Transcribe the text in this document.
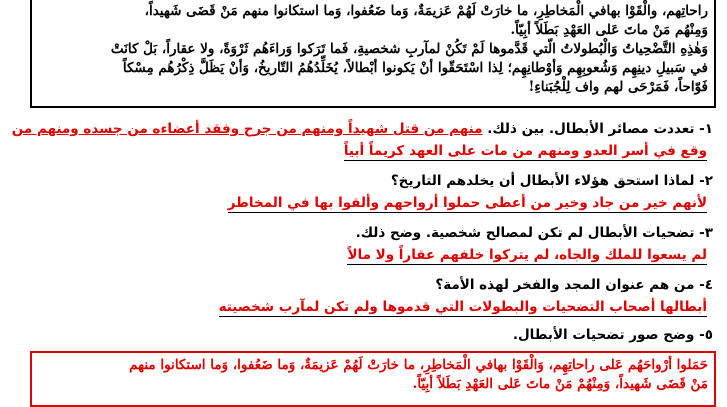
راحاتِهم، والْقَوْا بهافي الْمَخاطِرِ، ما خارَتْ لَهُمْ عَزيمَةٌ، وَما ضَعُفوا، وَما استكانوا منهم مَنْ قَضَى شَهيداً،

وَمِنْهُم مَنْ ماتَ عَلى العَهْدِ بَطَلاً أبِيّاً.

وَهٰذِهِ التَّضْحِياتُ وَالْبُطولاتُ الّتي قَدَّموها لَمْ تَكُنْ لمآربِ شخصيةِ، فَما تَرَكوا وَراءَهُم ثَرْوَةً، ولا عقاراً، بَلْ كانَتْ

في سَبيلِ دينِهِم وَشُعوبِهِم وَأوْطانِهِم؛ لِذا اسْتَحَقّوا أنْ يَكونوا أبْطالاً، يُخَلِّدُهُمُ التّاريخُ، وَأنْ يَظَلَّ ذِكْرُهُم مِسْكاً

فَوّاحاً، فَمَرْحَى لهم واف لِلْجُبَناءِ!

١- تعددت مصائر الأبطال. بين ذلك. منهم من قتل شهيداً ومنهم من جرح وفقد أعضاءه من جسده ومنهم من
وقع في أسر العدو ومنهم من مات على العهد كريماً أبياً
٢- لماذا استحق هؤلاء الأبطال أن يخلدهم التاريخ؟
لأنهم خير من جاد وخير من أعطى حملوا أرواحهم وألقوا بها في المخاطر
٣- تضحيات الأبطال لم تكن لمصالح شخصية. وضح ذلك.
لم يسعوا للملك والجاه، لم يتركوا خلفهم عقاراً ولا مالاً
٤- من هم عنوان المجد والفخر لهذه الأمة؟
أبطالها أصحاب التضحيات والبطولات التي قدموها ولم تكن لمآرب شخصيته
٥- وضح صور تضحيات الأبطال.
حَمَلوا أرْواحَهُم عَلى راحاتِهِم، وَالْقَوْا بهافي الْمَخاطِرِ، ما خارَتْ لَهُمْ عَزيمَةٌ، وَما ضَعُفوا، وَما استكانوا منهم
مَنْ قَضَى شَهيداً، وَمِنْهُمْ مَنْ ماتَ عَلى العَهْدِ بَطَلاً أبِيّاً.
